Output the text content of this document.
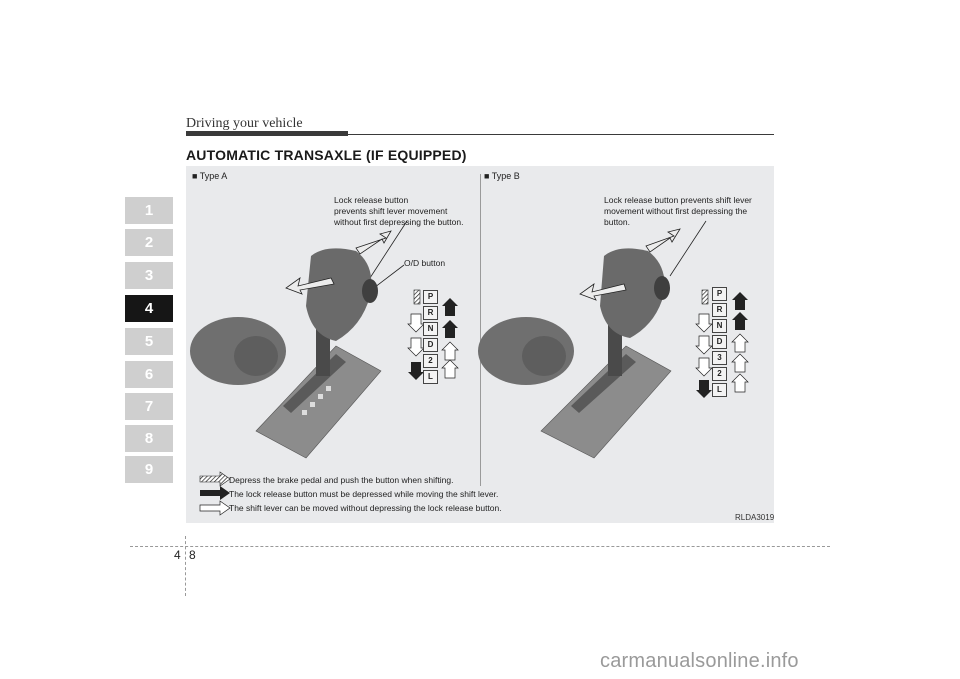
Driving your vehicle
AUTOMATIC TRANSAXLE (IF EQUIPPED)
1
2
3
4
5
6
7
8
9
■ Type A	■ Type B
Lock release button
prevents shift lever movement
without first depressing the button.
O/D button
Lock release button prevents shift lever
movement without first depressing the
button.
P
R
N
D
2
L
P
R
N
D
3
2
L
Depress the brake pedal and push the button when shifting.
The lock release button must be depressed while moving the shift lever.
The shift lever can be moved without depressing the lock release button.
RLDA3019
4 8
carmanualsonline.info
